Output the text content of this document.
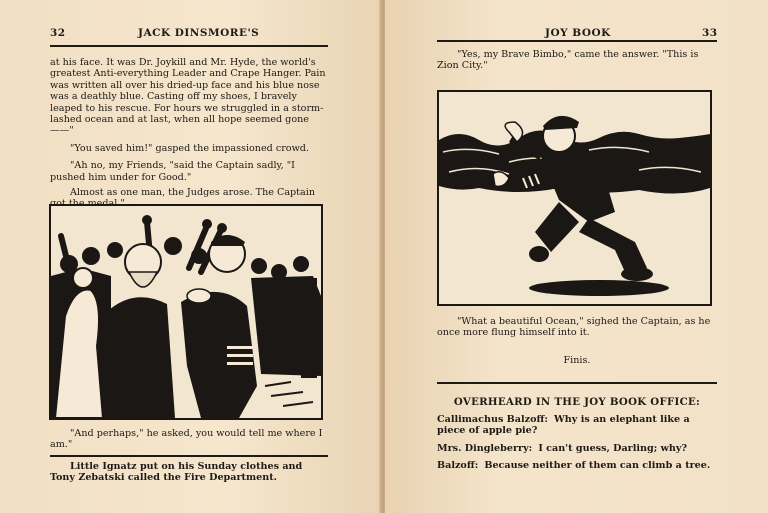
32	JACK DINSMORE'S

at his face. It was Dr. Joykill and Mr. Hyde, the world's greatest Anti-everything Leader and Crape Hanger. Pain was written all over his dried-up face and his blue nose was a deathly blue. Casting off my shoes, I bravely leaped to his rescue. For hours we struggled in a storm-lashed ocean and at last, when all hope seemed gone——"

"You saved him!" gasped the impassioned crowd.

"Ah no, my Friends, "said the Captain sadly, "I pushed him under for Good."

Almost as one man, the Judges arose. The Captain

"And perhaps," he asked, you would tell me where I am."
Little Ignatz put on his Sunday clothes and Tony Zebatski called the Fire Department.
JOY BOOK	33
"Yes, my Brave Bimbo," came the answer. "This is Zion City."
"What a beautiful Ocean," sighed the Captain, as he once more flung himself into it.
Finis.
OVERHEARD IN THE JOY BOOK OFFICE:

Callimachus Balzoff: Why is an elephant like a piece of apple pie?

Mrs. Dingleberry: I can't guess, Darling; why?

Balzoff: Because neither of them can climb a tree.
